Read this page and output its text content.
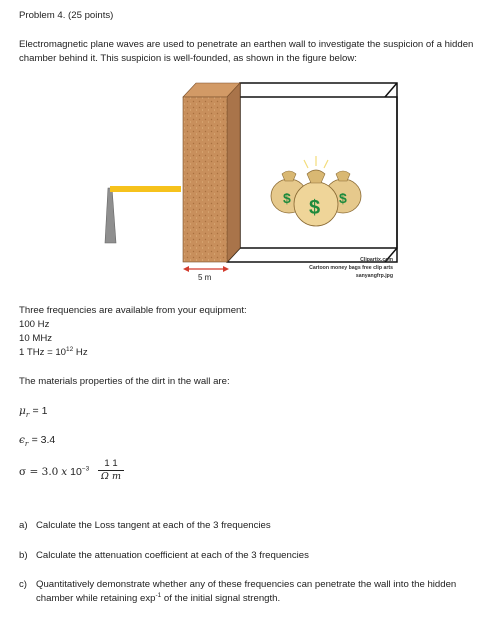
Problem 4. (25 points)
Electromagnetic plane waves are used to penetrate an earthen wall to investigate the suspicion of a hidden chamber behind it. This suspicion is well-founded, as shown in the figure below:
$ $ $
5 m
Clipartix.com
Cartoon money bags free clip arts
sanyangfrp.jpg
Three frequencies are available from your equipment:
100 Hz
10 MHz
1 THz = $10^{12}$ Hz
The materials properties of the dirt in the wall are:
$\mu_r = 1$
$\epsilon_r = 3.4$
σ = 3.0 x $10^{-3}$	1 1
Ω m
a) Calculate the Loss tangent at each of the 3 frequencies
b) Calculate the attenuation coefficient at each of the 3 frequencies
c) Quantitatively demonstrate whether any of these frequencies can penetrate the wall into the hidden chamber while retaining $\exp^{-1}$ of the initial signal strength.
